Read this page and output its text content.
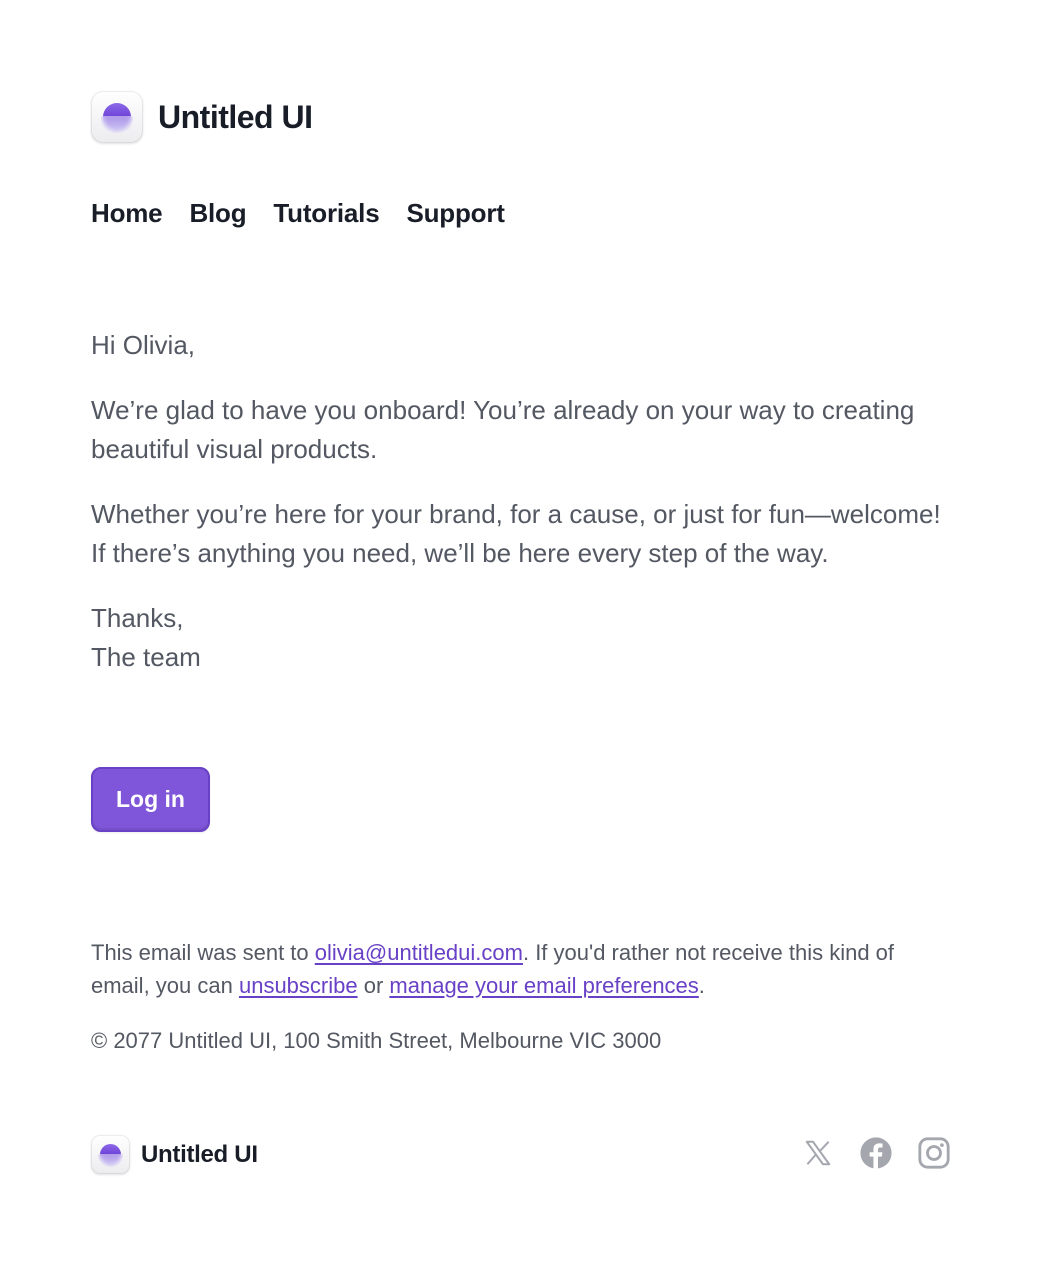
Untitled UI
Home Blog Tutorials Support

Hi Olivia,

We’re glad to have you onboard! You’re already on your way to creating beautiful visual products.

Whether you’re here for your brand, for a cause, or just for fun—welcome! If there’s anything you need, we’ll be here every step of the way.

Thanks,
The team

Log in

This email was sent to olivia@untitledui.com. If you'd rather not receive this kind of email, you can unsubscribe or manage your email preferences.

© 2077 Untitled UI, 100 Smith Street, Melbourne VIC 3000

Untitled UI
